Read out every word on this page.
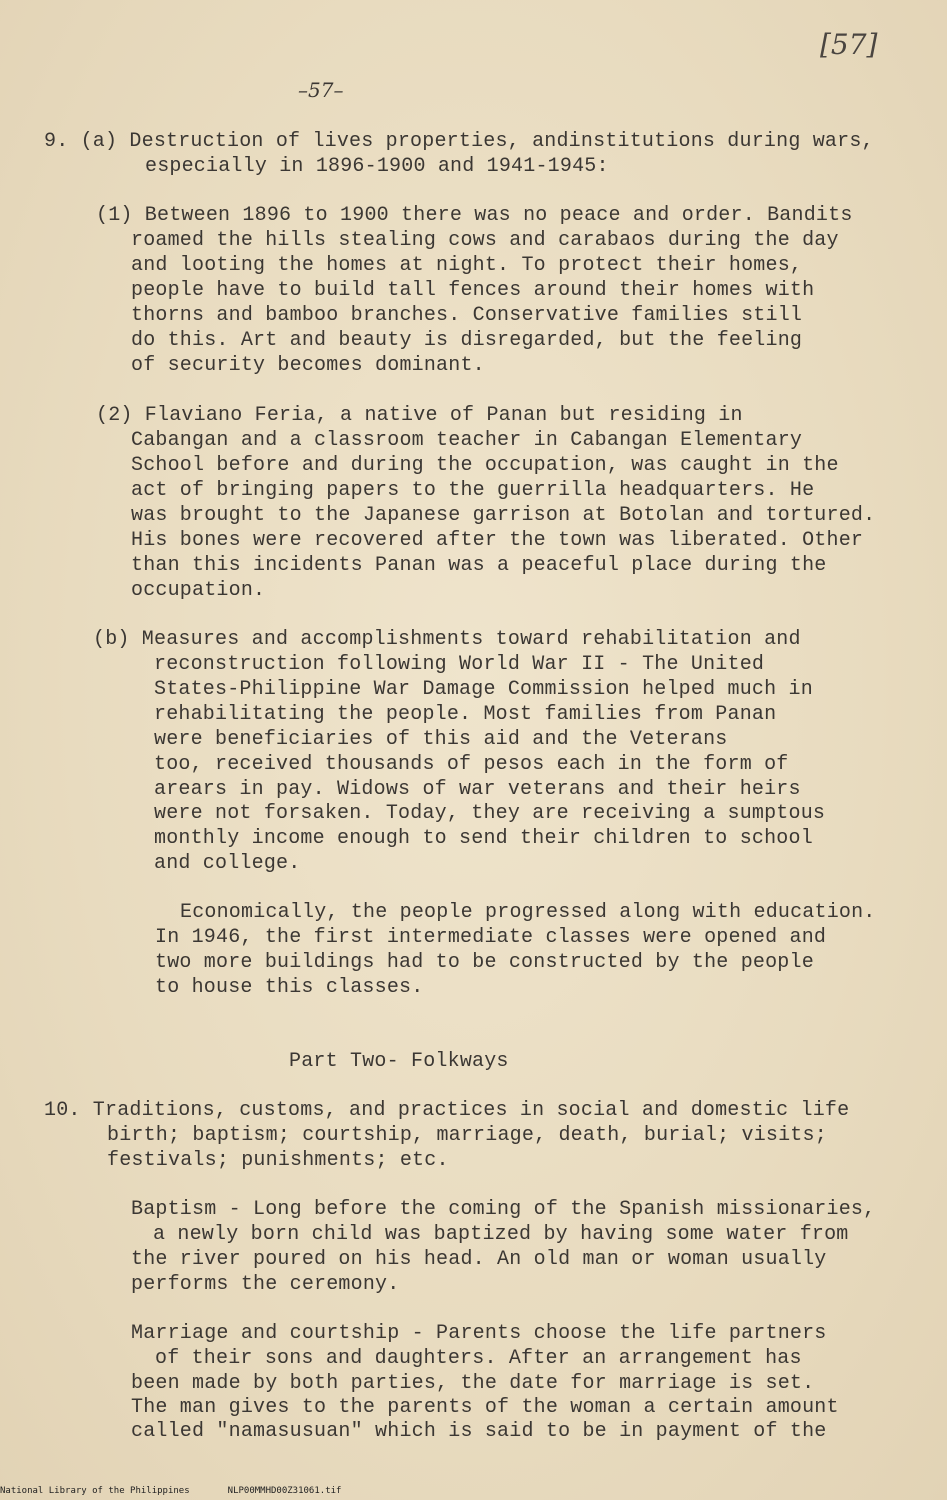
[57]
–57–
9. (a) Destruction of lives properties, andinstitutions during wars,
especially in 1896-1900 and 1941-1945:
(1) Between 1896 to 1900 there was no peace and order. Bandits
roamed the hills stealing cows and carabaos during the day
and looting the homes at night. To protect their homes,
people have to build tall fences around their homes with
thorns and bamboo branches. Conservative families still
do this. Art and beauty is disregarded, but the feeling
of security becomes dominant.
(2) Flaviano Feria, a native of Panan but residing in
Cabangan and a classroom teacher in Cabangan Elementary
School before and during the occupation, was caught in the
act of bringing papers to the guerrilla headquarters. He
was brought to the Japanese garrison at Botolan and tortured.
His bones were recovered after the town was liberated. Other
than this incidents Panan was a peaceful place during the
occupation.
(b) Measures and accomplishments toward rehabilitation and
reconstruction following World War II - The United
States-Philippine War Damage Commission helped much in
rehabilitating the people. Most families from Panan
were beneficiaries of this aid and the Veterans
too, received thousands of pesos each in the form of
arears in pay. Widows of war veterans and their heirs
were not forsaken. Today, they are receiving a sumptous
monthly income enough to send their children to school
and college.
Economically, the people progressed along with education.
In 1946, the first intermediate classes were opened and
two more buildings had to be constructed by the people
to house this classes.
Part Two- Folkways
10. Traditions, customs, and practices in social and domestic life
birth; baptism; courtship, marriage, death, burial; visits;
festivals; punishments; etc.
Baptism - Long before the coming of the Spanish missionaries,
a newly born child was baptized by having some water from
the river poured on his head. An old man or woman usually
performs the ceremony.
Marriage and courtship - Parents choose the life partners
of their sons and daughters. After an arrangement has
been made by both parties, the date for marriage is set.
The man gives to the parents of the woman a certain amount
called "namasusuan" which is said to be in payment of the
National Library of the Philippines	NLP00MMHD00Z31061.tif
